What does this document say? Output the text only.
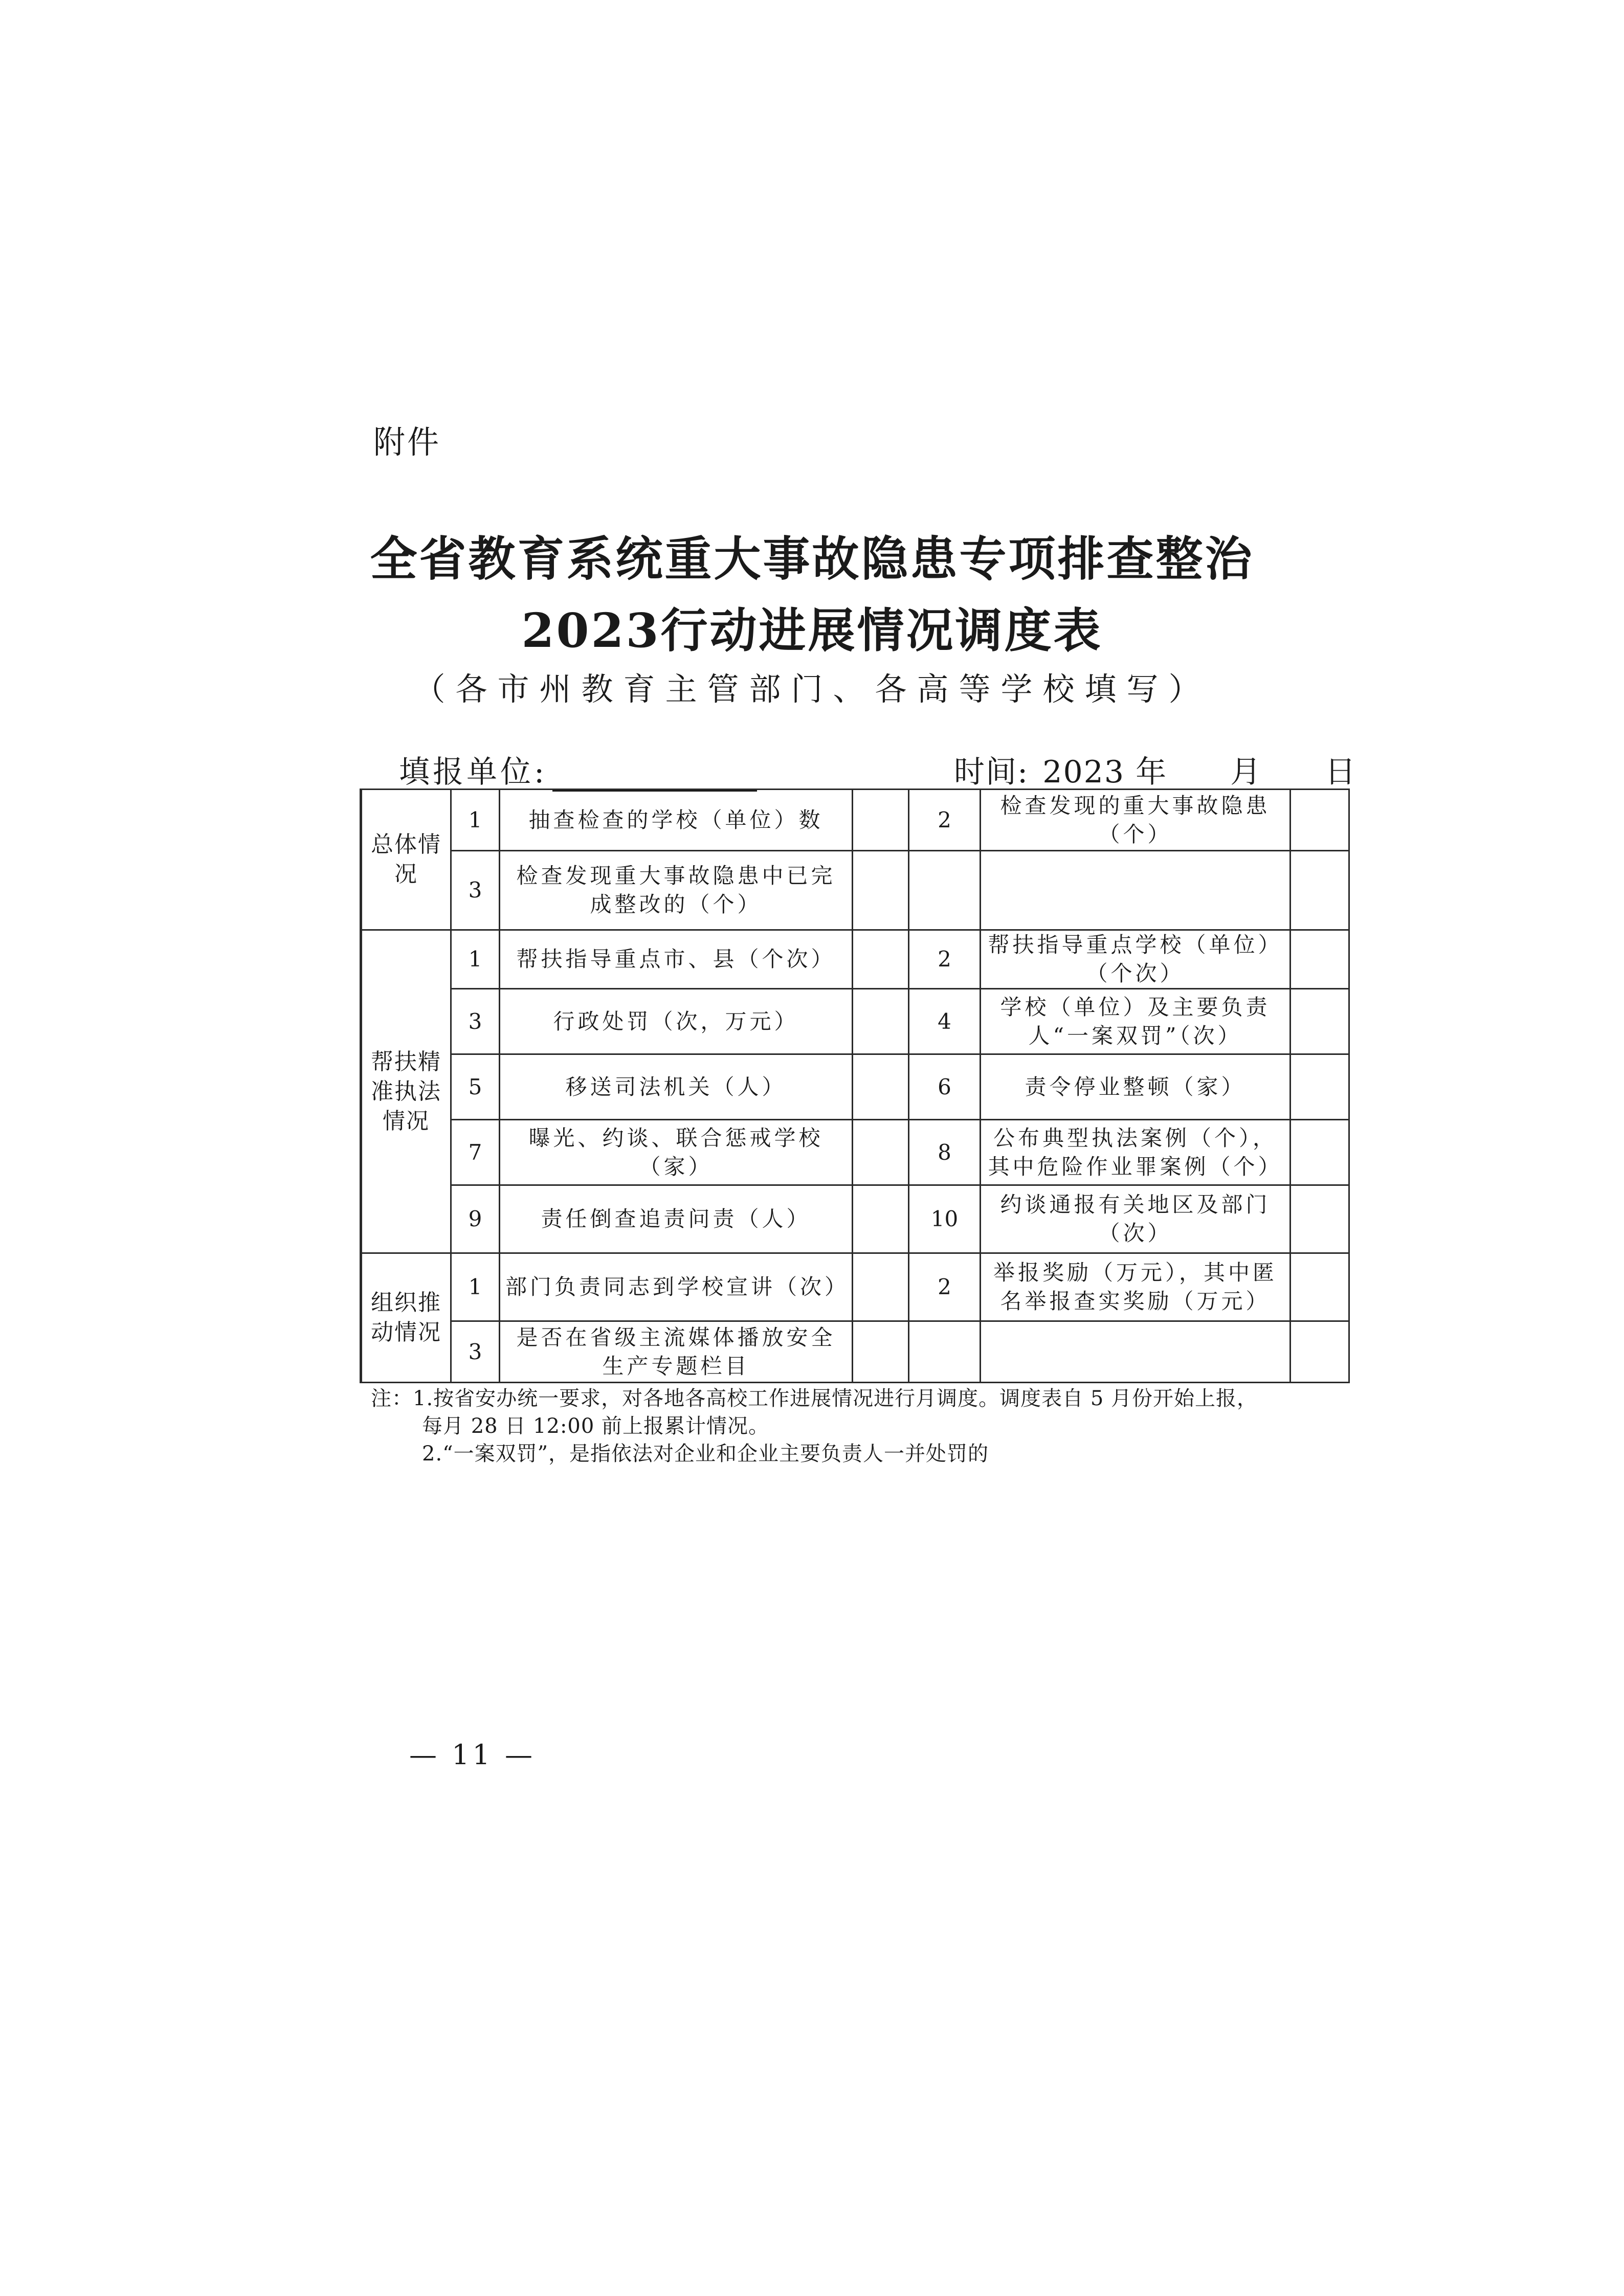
附件
全省教育系统重大事故隐患专项排查整治
2023行动进展情况调度表
（各市州教育主管部门、各高等学校填写）
填报单位:	时间: 2023 年 月 日
总体情况	1	抽查检查的学校（单位）数		2	检查发现的重大事故隐患（个）	
	3	检查发现重大事故隐患中已完成整改的（个）				
帮扶精准执法情况	1	帮扶指导重点市、县（个次）		2	帮扶指导重点学校（单位）（个次）	
	3	行政处罚（次，万元）		4	学校（单位）及主要负责人“一案双罚”（次）	
	5	移送司法机关（人）		6	责令停业整顿（家）	
	7	曝光、约谈、联合惩戒学校（家）		8	公布典型执法案例（个），其中危险作业罪案例（个）	
	9	责任倒查追责问责（人）		10	约谈通报有关地区及部门（次）	
组织推动情况	1	部门负责同志到学校宣讲（次）		2	举报奖励（万元），其中匿名举报查实奖励（万元）	
	3	是否在省级主流媒体播放安全生产专题栏目				
注：1.按省安办统一要求，对各地各高校工作进展情况进行月调度。调度表自 5 月份开始上报，
每月 28 日 12:00 前上报累计情况。
2.“一案双罚”，是指依法对企业和企业主要负责人一并处罚的
— 11 —
